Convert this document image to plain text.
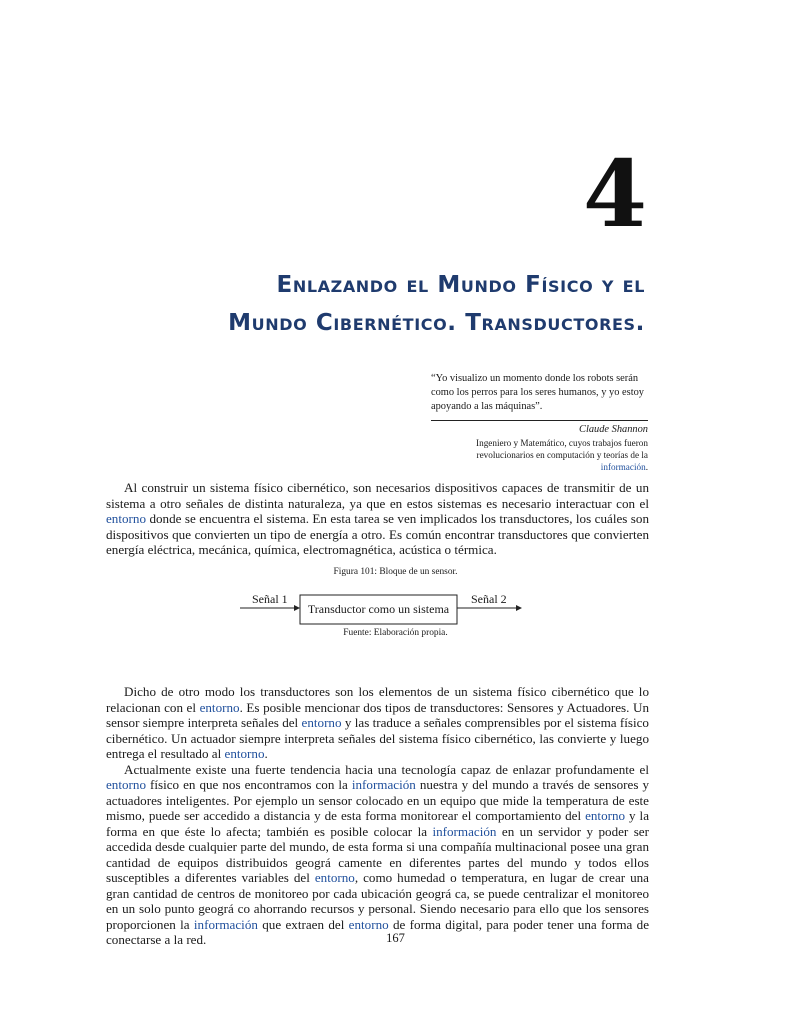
4
Enlazando el Mundo Físico y el
Mundo Cibernético. Transductores.
“Yo visualizo un momento donde los robots serán como los perros para los seres humanos, y yo estoy apoyando a las máquinas”.
Claude Shannon
Ingeniero y Matemático, cuyos trabajos fueron revolucionarios en computación y teorías de la información.

Al construir un sistema físico cibernético, son necesarios dispositivos capaces de transmitir de un sistema a otro señales de distinta naturaleza, ya que en estos sistemas es necesario interactuar con el entorno donde se encuentra el sistema. En esta tarea se ven implicados los transductores, los cuáles son dispositivos que convierten un tipo de energía a otro. Es común encontrar transductores que convierten energía eléctrica, mecánica, química, electromagnética, acústica o térmica.

Figura 101: Bloque de un sensor.
Señal 1
Transductor como un sistema
Señal 2
Fuente: Elaboración propia.

Dicho de otro modo los transductores son los elementos de un sistema físico cibernético que lo relacionan con el entorno. Es posible mencionar dos tipos de transductores: Sensores y Actuadores. Un sensor siempre interpreta señales del entorno y las traduce a señales comprensibles por el sistema físico cibernético. Un actuador siempre interpreta señales del sistema físico cibernético, las convierte y luego entrega el resultado al entorno.

Actualmente existe una fuerte tendencia hacia una tecnología capaz de enlazar profundamente el entorno físico en que nos encontramos con la información nuestra y del mundo a través de sensores y actuadores inteligentes. Por ejemplo un sensor colocado en un equipo que mide la temperatura de este mismo, puede ser accedido a distancia y de esta forma monitorear el comportamiento del entorno y la forma en que éste lo afecta; también es posible colocar la información en un servidor y poder ser accedida desde cualquier parte del mundo, de esta forma si una compañía multinacional posee una gran cantidad de equipos distribuidos geográ camente en diferentes partes del mundo y todos ellos susceptibles a diferentes variables del entorno, como humedad o temperatura, en lugar de crear una gran cantidad de centros de monitoreo por cada ubicación geográ ca, se puede centralizar el monitoreo en un solo punto geográ co ahorrando recursos y personal. Siendo necesario para ello que los sensores proporcionen la información que extraen del entorno de forma digital, para poder tener una forma de conectarse a la red.	167
